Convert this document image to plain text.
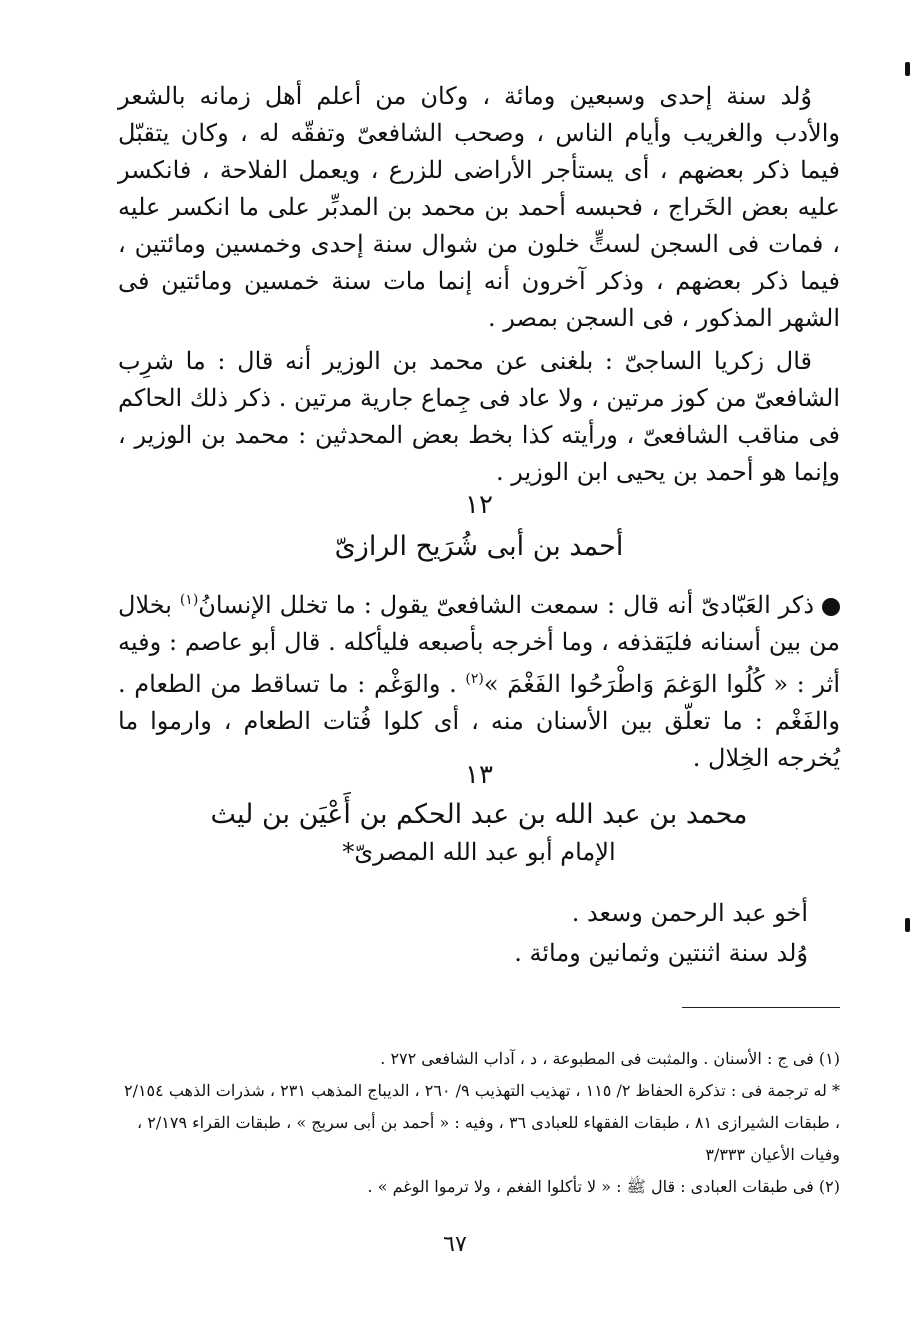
وُلد سنة إحدى وسبعين ومائة ، وكان من أعلم أهل زمانه بالشعر والأدب والغريب وأيام الناس ، وصحب الشافعىّ وتفقّه له ، وكان يتقبّل فيما ذكر بعضهم ، أى يستأجر الأراضى للزرع ، ويعمل الفلاحة ، فانكسر عليه بعض الخَراج ، فحبسه أحمد بن محمد بن المدبِّر على ما انكسر عليه ، فمات فى السجن لستٍّ خلون من شوال سنة إحدى وخمسين ومائتين ، فيما ذكر بعضهم ، وذكر آخرون أنه إنما مات سنة خمسين ومائتين فى الشهر المذكور ، فى السجن بمصر .

قال زكريا الساجىّ : بلغنى عن محمد بن الوزير أنه قال : ما شرِب الشافعىّ من كوز مرتين ، ولا عاد فى جِماع جارية مرتين . ذكر ذلك الحاكم فى مناقب الشافعىّ ، ورأيته كذا بخط بعض المحدثين : محمد بن الوزير ، وإنما هو أحمد بن يحيى ابن الوزير .

١٢
أحمد بن أبى شُرَيح الرازىّ

ذكر العَبّادىّ أنه قال : سمعت الشافعىّ يقول : ما تخلل الإنسانُ$^{(١)}$ بخلال من بين أسنانه فليَقذفه ، وما أخرجه بأصبعه فليأكله . قال أبو عاصم : وفيه أثر : « كُلُوا الوَغمَ وَاطْرَحُوا الفَغْمَ »$^{(٢)}$ . والوَغْم : ما تساقط من الطعام . والفَغْم : ما تعلّق بين الأسنان منه ، أى كلوا فُتات الطعام ، وارموا ما يُخرجه الخِلال .

١٣
محمد بن عبد الله بن عبد الحكم بن أَعْيَن بن ليث
الإمام أبو عبد الله المصرىّ*
أخو عبد الرحمن وسعد .
وُلد سنة اثنتين وثمانين ومائة .

(١) فى ج : الأسنان . والمثبت فى المطبوعة ، د ، آداب الشافعى ٢٧٢ .

* له ترجمة فى : تذكرة الحفاظ ٢/ ١١٥ ، تهذيب التهذيب ٩/ ٢٦٠ ، الديباج المذهب ٢٣١ ، شذرات الذهب ٢/١٥٤ ، طبقات الشيرازى ٨١ ، طبقات الفقهاء للعبادى ٣٦ ، وفيه : « أحمد بن أبى سريج » ، طبقات القراء ٢/١٧٩ ، وفيات الأعيان ٣/٣٣٣

(٢) فى طبقات العبادى : قال ﷺ : « لا تأكلوا الفغم ، ولا ترموا الوغم » .

٦٧
